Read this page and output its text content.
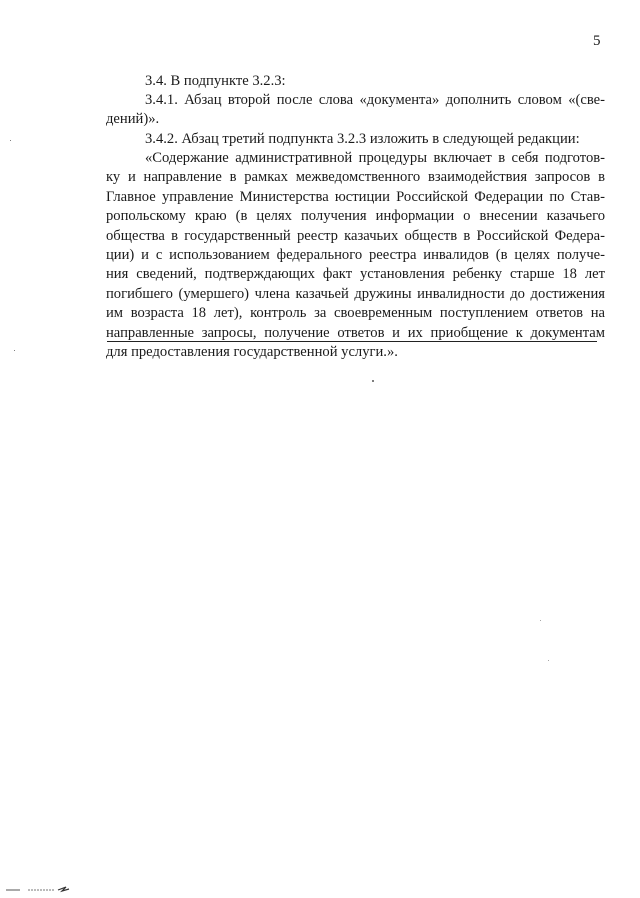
5

3.4. В подпункте 3.2.3:

3.4.1. Абзац второй после слова «документа» дополнить словом «(све-
дений)».

3.4.2. Абзац третий подпункта 3.2.3 изложить в следующей редакции:

«Содержание административной процедуры включает в себя подготов-
ку и направление в рамках межведомственного взаимодействия запросов в
Главное управление Министерства юстиции Российской Федерации по Став-
ропольскому краю (в целях получения информации о внесении казачьего
общества в государственный реестр казачьих обществ в Российской Федера-
ции) и с использованием федерального реестра инвалидов (в целях получе-
ния сведений, подтверждающих факт установления ребенку старше 18 лет
погибшего (умершего) члена казачьей дружины инвалидности до достижения
им возраста 18 лет), контроль за своевременным поступлением ответов на
направленные запросы, получение ответов и их приобщение к документам
для предоставления государственной услуги.».
